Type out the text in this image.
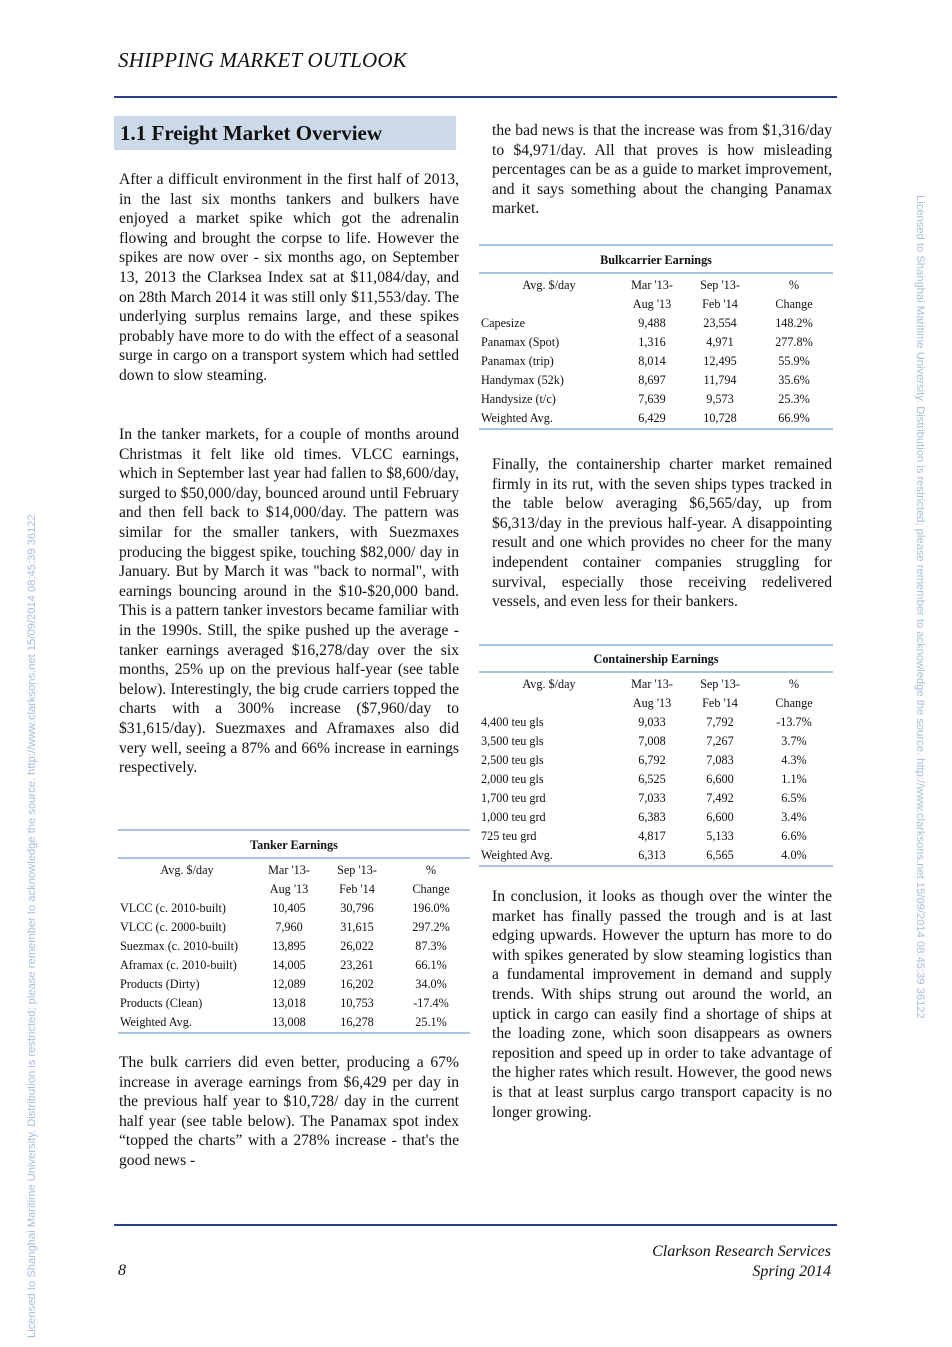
SHIPPING MARKET OUTLOOK
Licensed to Shanghai Maritime University. Distribution is restricted; please remember to acknowledge the source. http://www.clarksons.net 15/09/2014 08:45:39 36122	Licensed to Shanghai Maritime University. Distribution is restricted; please remember to acknowledge the source. http://www.clarksons.net 15/09/2014 08:45:39 36122
1.1 Freight Market Overview

After a difficult environment in the first half of 2013, in the last six months tankers and bulkers have enjoyed a market spike which got the adrenalin flowing and brought the corpse to life. However the spikes are now over - six months ago, on September 13, 2013 the Clarksea Index sat at $11,084/day, and on 28th March 2014 it was still only $11,553/day. The underlying surplus remains large, and these spikes probably have more to do with the effect of a seasonal surge in cargo on a transport system which had settled down to slow steaming.

In the tanker markets, for a couple of months around Christmas it felt like old times. VLCC earnings, which in September last year had fallen to $8,600/day, surged to $50,000/day, bounced around until February and then fell back to $14,000/day. The pattern was similar for the smaller tankers, with Suezmaxes producing the biggest spike, touching $82,000/ day in January. But by March it was "back to normal", with earnings bouncing around in the $10-$20,000 band. This is a pattern tanker investors became familiar with in the 1990s. Still, the spike pushed up the average - tanker earnings averaged $16,278/day over the six months, 25% up on the previous half-year (see table below). Interestingly, the big crude carriers topped the charts with a 300% increase ($7,960/day to $31,615/day). Suezmaxes and Aframaxes also did very well, seeing a 87% and 66% increase in earnings respectively.

Tanker Earnings
Avg. $/day	Mar '13-	Sep '13-	%
	Aug '13	Feb '14	Change
VLCC (c. 2010-built)	10,405	30,796	196.0%
VLCC (c. 2000-built)	7,960	31,615	297.2%
Suezmax (c. 2010-built)	13,895	26,022	87.3%
Aframax (c. 2010-built)	14,005	23,261	66.1%
Products (Dirty)	12,089	16,202	34.0%
Products (Clean)	13,018	10,753	-17.4%
Weighted Avg.	13,008	16,278	25.1%

The bulk carriers did even better, producing a 67% increase in average earnings from $6,429 per day in the previous half year to $10,728/ day in the current half year (see table below). The Panamax spot index “topped the charts” with a 278% increase - that's the good news -

the bad news is that the increase was from $1,316/day to $4,971/day. All that proves is how misleading percentages can be as a guide to market improvement, and it says something about the changing Panamax market.

Bulkcarrier Earnings
Avg. $/day	Mar '13-	Sep '13-	%
	Aug '13	Feb '14	Change
Capesize	9,488	23,554	148.2%
Panamax (Spot)	1,316	4,971	277.8%
Panamax (trip)	8,014	12,495	55.9%
Handymax (52k)	8,697	11,794	35.6%
Handysize (t/c)	7,639	9,573	25.3%
Weighted Avg.	6,429	10,728	66.9%

Finally, the containership charter market remained firmly in its rut, with the seven ships types tracked in the table below averaging $6,565/day, up from $6,313/day in the previous half-year. A disappointing result and one which provides no cheer for the many independent container companies struggling for survival, especially those receiving redelivered vessels, and even less for their bankers.

Containership Earnings
Avg. $/day	Mar '13-	Sep '13-	%
	Aug '13	Feb '14	Change
4,400 teu gls	9,033	7,792	-13.7%
3,500 teu gls	7,008	7,267	3.7%
2,500 teu gls	6,792	7,083	4.3%
2,000 teu gls	6,525	6,600	1.1%
1,700 teu grd	7,033	7,492	6.5%
1,000 teu grd	6,383	6,600	3.4%
725 teu grd	4,817	5,133	6.6%
Weighted Avg.	6,313	6,565	4.0%

In conclusion, it looks as though over the winter the market has finally passed the trough and is at last edging upwards. However the upturn has more to do with spikes generated by slow steaming logistics than a fundamental improvement in demand and supply trends. With ships strung out around the world, an uptick in cargo can easily find a shortage of ships at the loading zone, which soon disappears as owners reposition and speed up in order to take advantage of the higher rates which result. However, the good news is that at least surplus cargo transport capacity is no longer growing.

8
Clarkson Research Services
Spring 2014
